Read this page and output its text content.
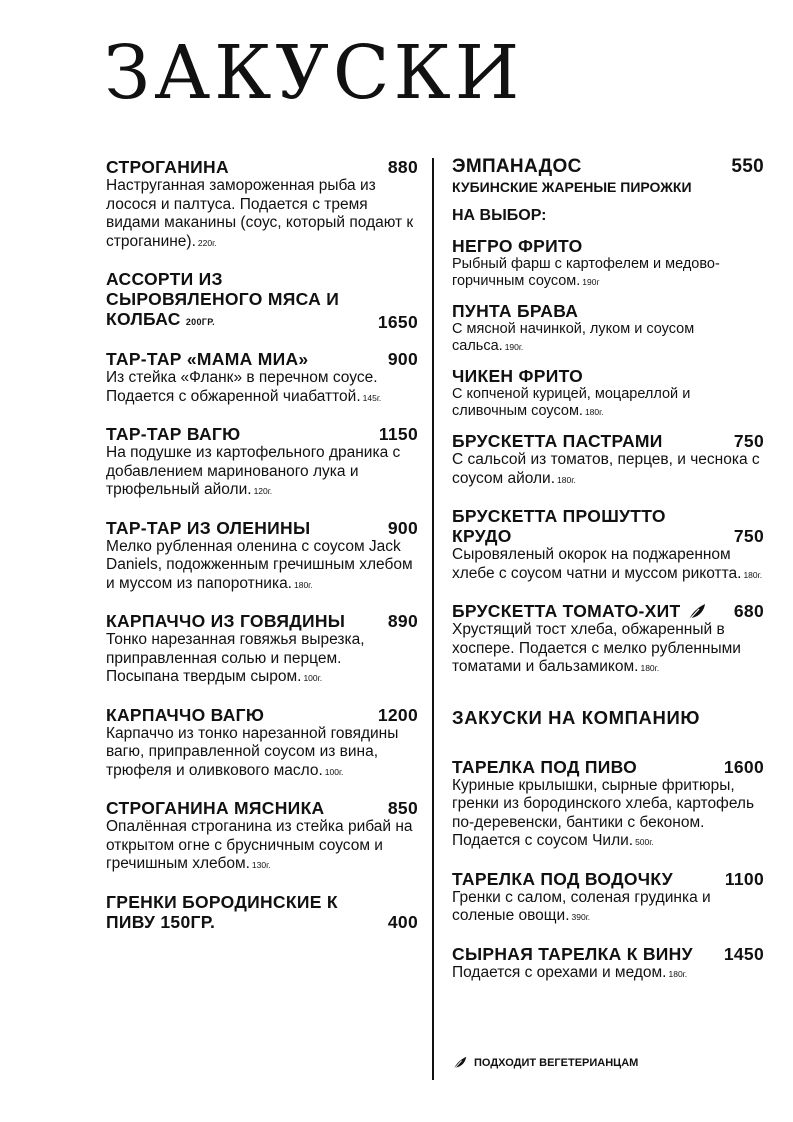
ЗАКУСКИ
СТРОГАНИНА	880
Наструганная замороженная рыба из лосося и палтуса. Подается с тремя видами маканины (соус, который подают к строганине). 220г.
АССОРТИ ИЗ СЫРОВЯЛЕНОГО МЯСА И КОЛБАС 200ГР.	1650
ТАР-ТАР «МАМА МИА»	900
Из стейка «Фланк» в перечном соусе. Подается с обжаренной чиабаттой. 145г.
ТАР-ТАР ВАГЮ	1150
На подушке из картофельного драника с добавлением маринованого лука и трюфельный айоли. 120г.
ТАР-ТАР ИЗ ОЛЕНИНЫ	900
Мелко рубленная оленина с соусом Jack Daniels, подожженным гречишным хлебом и муссом из папоротника. 180г.
КАРПАЧЧО ИЗ ГОВЯДИНЫ 890
Тонко нарезанная говяжья вырезка, приправленная солью и перцем. Посыпана твердым сыром. 100г.
КАРПАЧЧО ВАГЮ	1200
Карпаччо из тонко нарезанной говядины вагю, приправленной соусом из вина, трюфеля и оливкового масло. 100г.
СТРОГАНИНА МЯСНИКА	850
Опалённая строганина из стейка рибай на открытом огне с брусничным соусом и гречишным хлебом. 130г.
ГРЕНКИ БОРОДИНСКИЕ К ПИВУ 150ГР.	400
ЭМПАНАДОС	550
КУБИНСКИЕ ЖАРЕНЫЕ ПИРОЖКИ
НА ВЫБОР:
НЕГРО ФРИТО
Рыбный фарш с картофелем и медово-горчичным соусом. 190г
ПУНТА БРАВА
С мясной начинкой, луком и соусом сальса. 190г.
ЧИКЕН ФРИТО
С копченой курицей, моцареллой и сливочным соусом. 180г.
БРУСКЕТТА ПАСТРАМИ	750
С сальсой из томатов, перцев, и чеснока с соусом айоли. 180г.
БРУСКЕТТА ПРОШУТТО КРУДО	750
Сыровяленый окорок на поджаренном хлебе с соусом чатни и муссом рикотта. 180г.
БРУСКЕТТА ТОМАТО-ХИТ	680
Хрустящий тост хлеба, обжаренный в хоспере. Подается с мелко рубленными томатами и бальзамиком. 180г.
ЗАКУСКИ НА КОМПАНИЮ
ТАРЕЛКА ПОД ПИВО	1600
Куриные крылышки, сырные фритюры, гренки из бородинского хлеба, картофель по-деревенски, бантики с беконом. Подается с соусом Чили. 500г.
ТАРЕЛКА ПОД ВОДОЧКУ	1100
Гренки с салом, соленая грудинка и соленые овощи. 390г.
СЫРНАЯ ТАРЕЛКА К ВИНУ 1450
Подается с орехами и медом. 180г.
ПОДХОДИТ ВЕГЕТЕРИАНЦАМ
